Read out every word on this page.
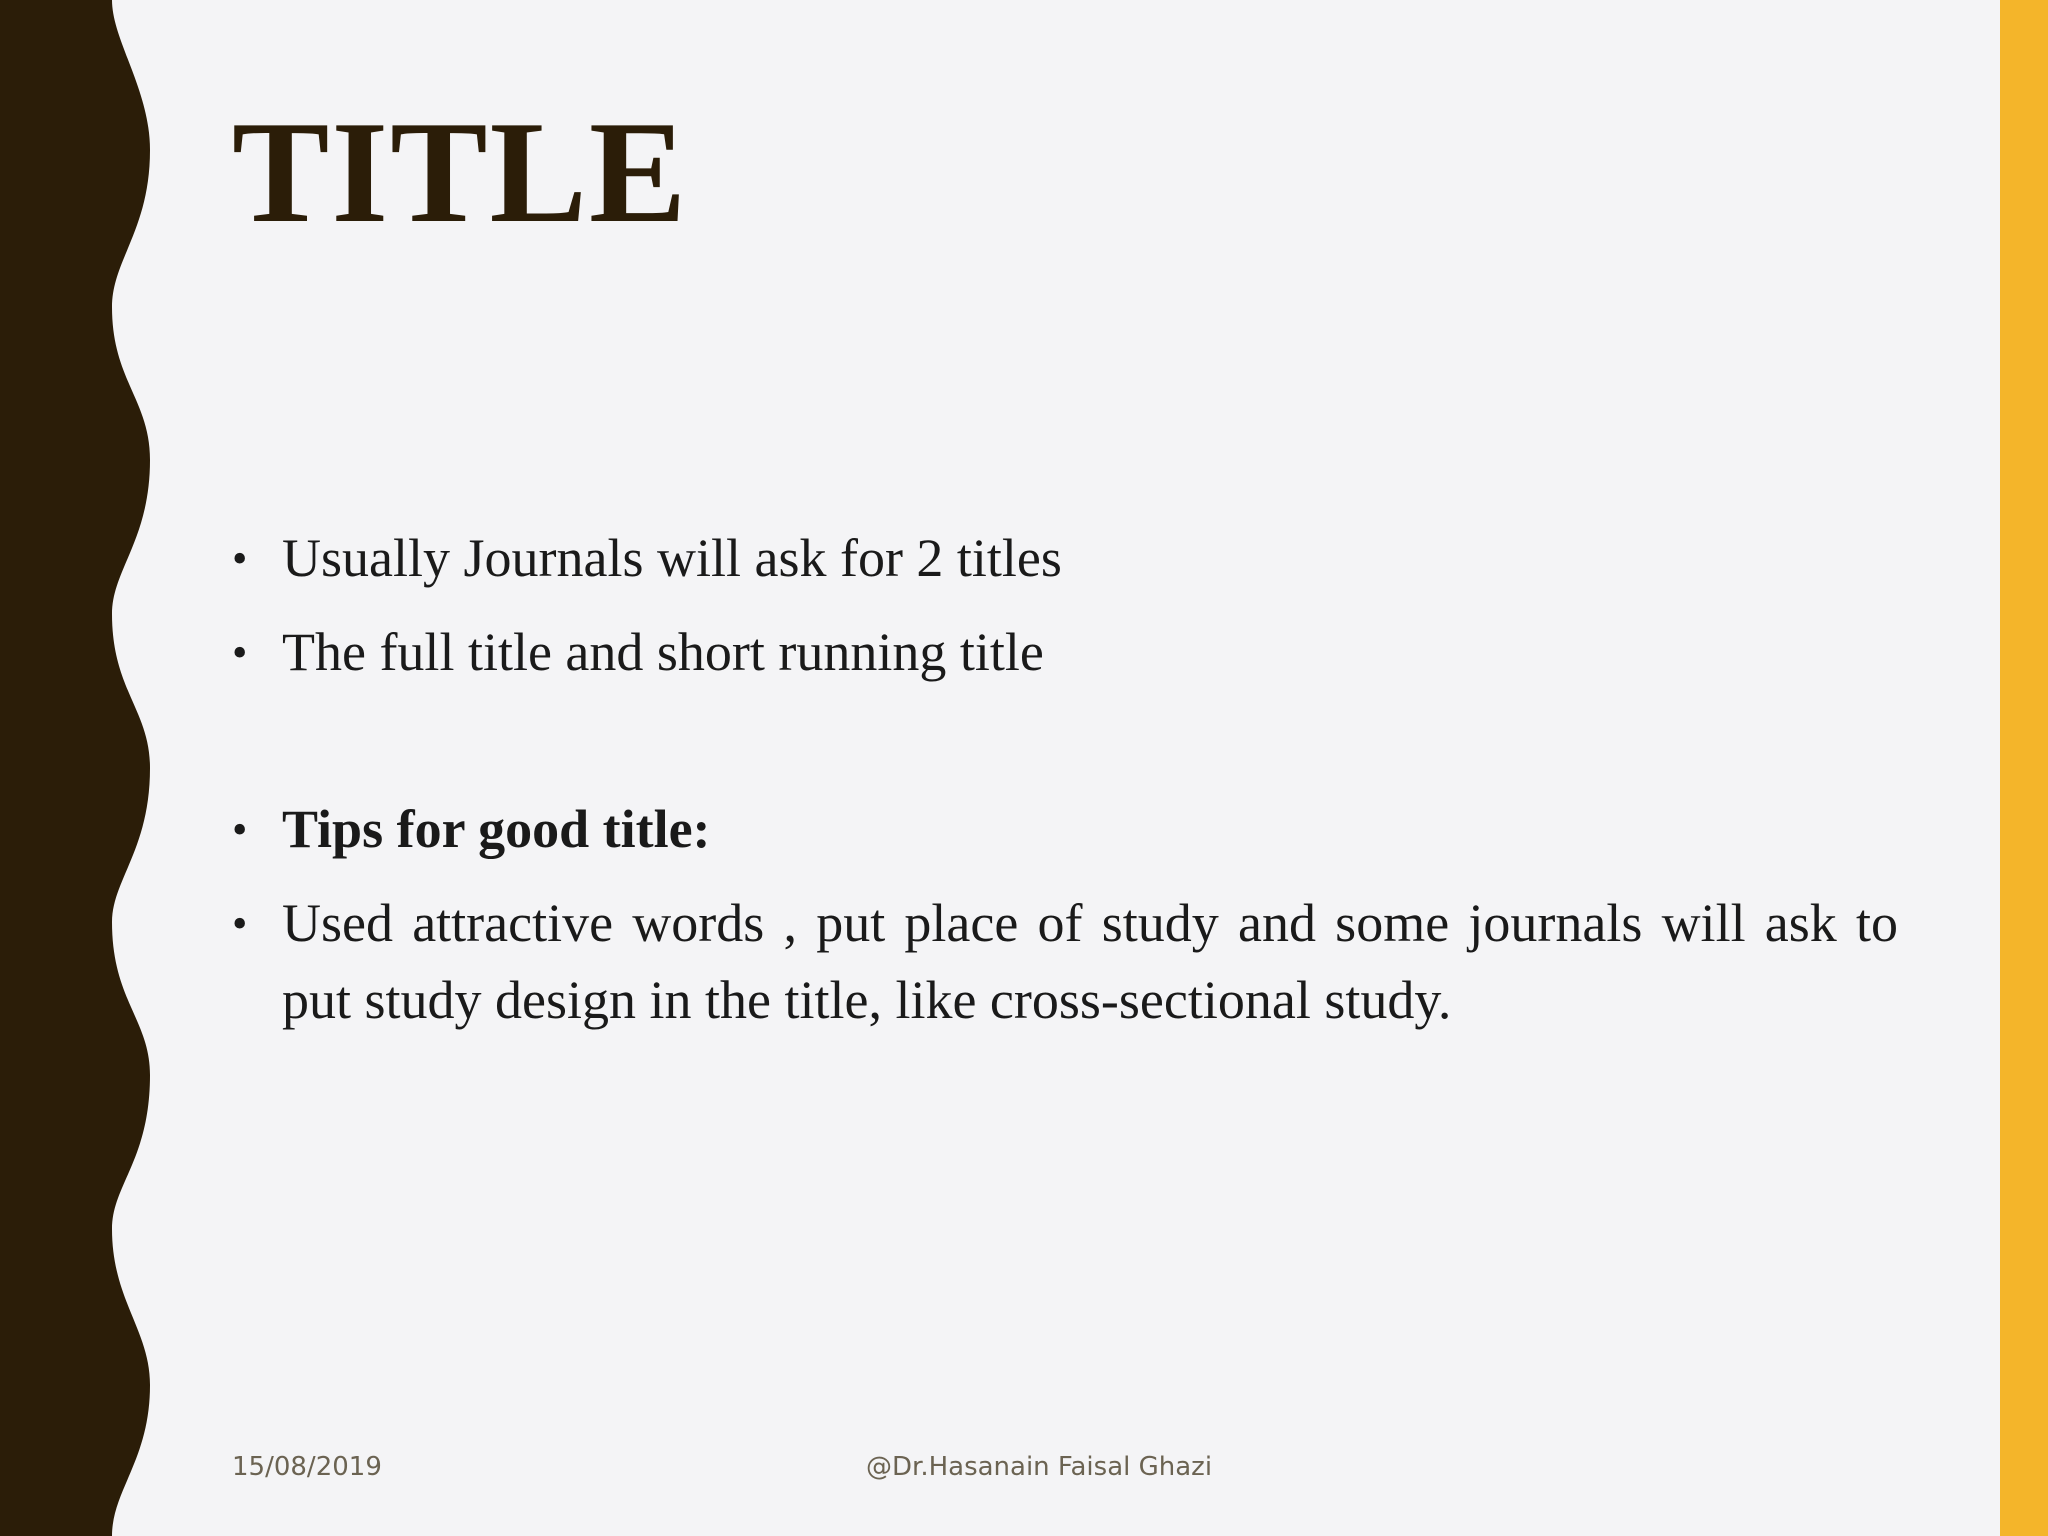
TITLE
• Usually Journals will ask for 2 titles
• The full title and short running title
• Tips for good title:
• Used attractive words , put place of study and some journals will ask to put study design in the title, like cross-sectional study.
15/08/2019	@Dr.Hasanain Faisal Ghazi
